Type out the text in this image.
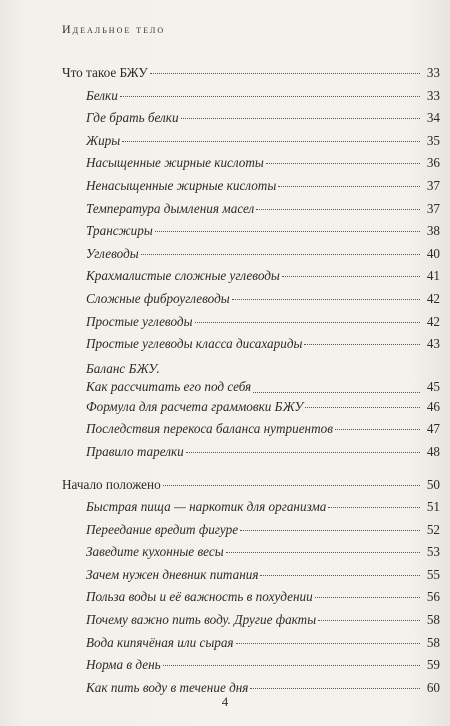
Идеальное тело
Что такое БЖУ	33
Белки	33
Где брать белки	34
Жиры	35
Насыщенные жирные кислоты	36
Ненасыщенные жирные кислоты	37
Температура дымления масел	37
Трансжиры	38
Углеводы	40
Крахмалистые сложные углеводы	41
Сложные фиброуглеводы	42
Простые углеводы	42
Простые углеводы класса дисахариды	43
Баланс БЖУ.
Как рассчитать его под себя	45
Формула для расчета граммовки БЖУ	46
Последствия перекоса баланса нутриентов	47
Правило тарелки	48
Начало положено	50
Быстрая пища — наркотик для организма	51
Переедание вредит фигуре	52
Заведите кухонные весы	53
Зачем нужен дневник питания	55
Польза воды и её важность в похудении	56
Почему важно пить воду. Другие факты	58
Вода кипячёная или сырая	58
Норма в день	59
Как пить воду в течение дня	60
4
